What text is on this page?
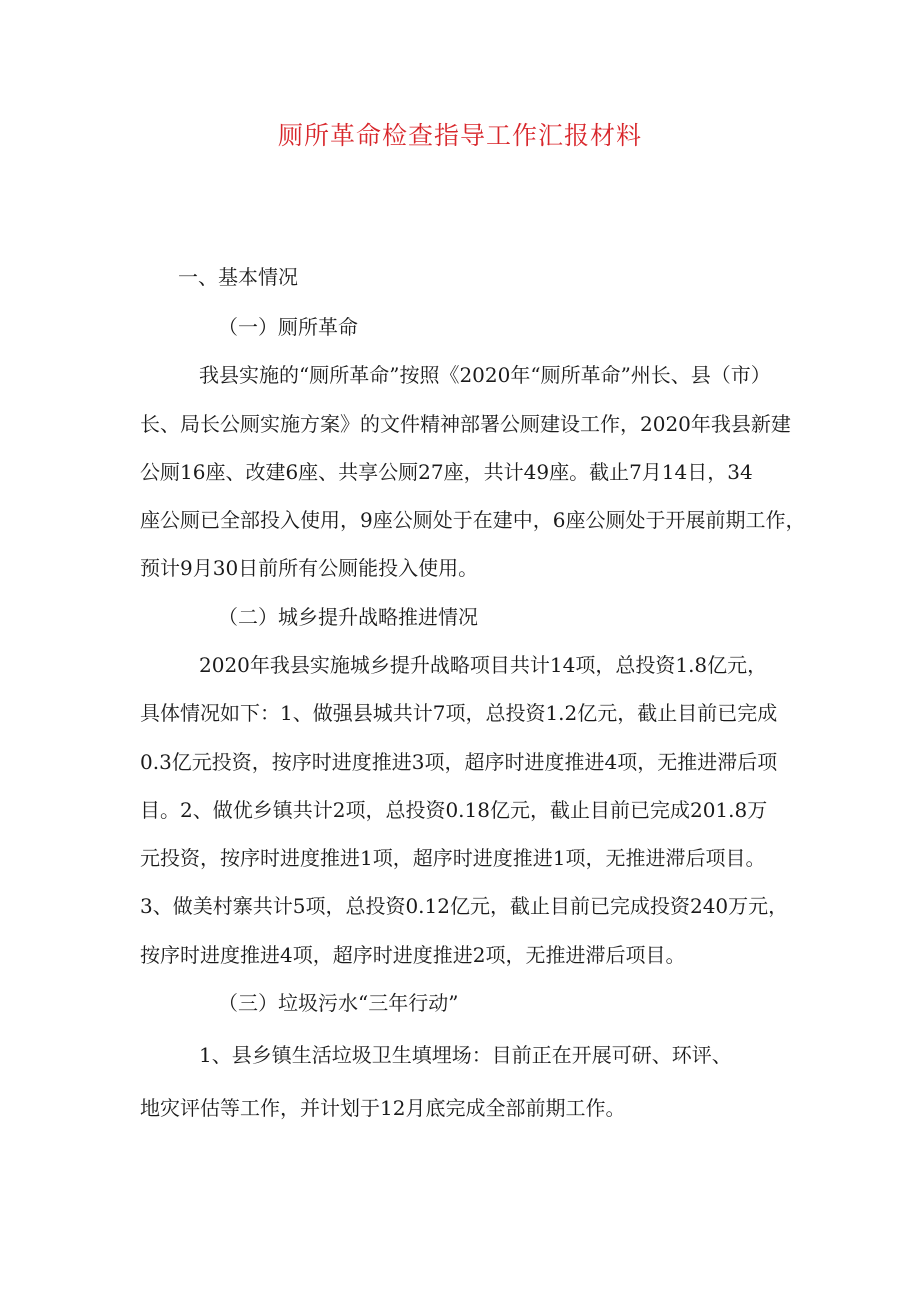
厕所革命检查指导工作汇报材料
一、基本情况
（一）厕所革命
我县实施的“厕所革命”按照《2020年“厕所革命”州长、县（市）
长、局长公厕实施方案》的文件精神部署公厕建设工作，2020年我县新建
公厕16座、改建6座、共享公厕27座，共计49座。截止7月14日，34
座公厕已全部投入使用，9座公厕处于在建中，6座公厕处于开展前期工作，
预计9月30日前所有公厕能投入使用。
（二）城乡提升战略推进情况
2020年我县实施城乡提升战略项目共计14项，总投资1.8亿元，
具体情况如下：1、做强县城共计7项，总投资1.2亿元，截止目前已完成
0.3亿元投资，按序时进度推进3项，超序时进度推进4项，无推进滞后项
目。2、做优乡镇共计2项，总投资0.18亿元，截止目前已完成201.8万
元投资，按序时进度推进1项，超序时进度推进1项，无推进滞后项目。
3、做美村寨共计5项，总投资0.12亿元，截止目前已完成投资240万元，
按序时进度推进4项，超序时进度推进2项，无推进滞后项目。
（三）垃圾污水“三年行动”
1、县乡镇生活垃圾卫生填埋场：目前正在开展可研、环评、
地灾评估等工作，并计划于12月底完成全部前期工作。
